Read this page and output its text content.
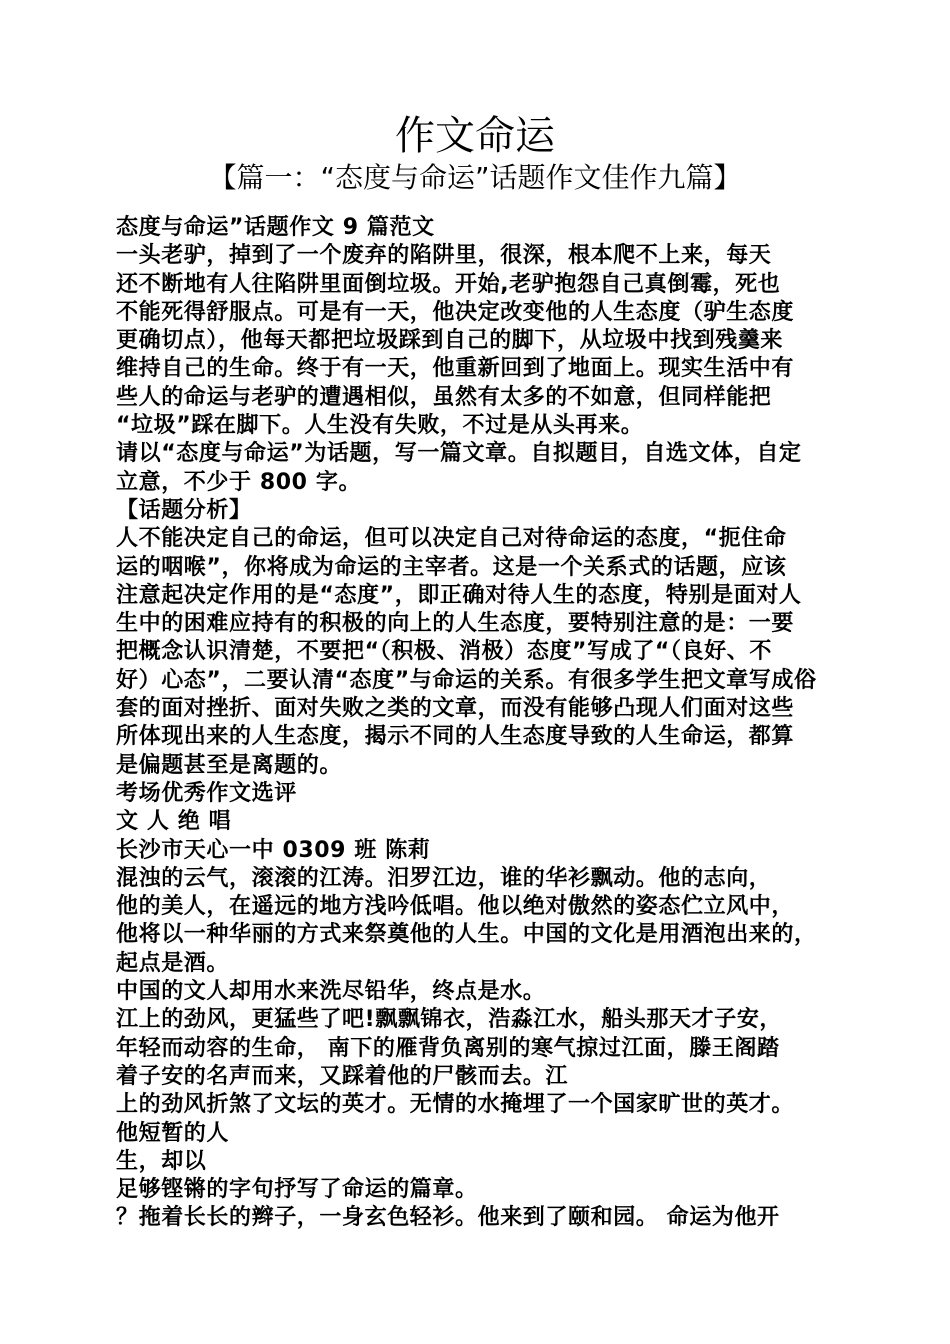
作文命运
【篇一：“态度与命运”话题作文佳作九篇】
态度与命运”话题作文 9 篇范文
一头老驴，掉到了一个废弃的陷阱里，很深，根本爬不上来，每天
还不断地有人往陷阱里面倒垃圾。开始,老驴抱怨自己真倒霉，死也
不能死得舒服点。可是有一天，他决定改变他的人生态度（驴生态度
更确切点），他每天都把垃圾踩到自己的脚下，从垃圾中找到残羹来
维持自己的生命。终于有一天，他重新回到了地面上。现实生活中有
些人的命运与老驴的遭遇相似，虽然有太多的不如意，但同样能把
“垃圾”踩在脚下。人生没有失败，不过是从头再来。
请以“态度与命运”为话题，写一篇文章。自拟题目，自选文体，自定
立意，不少于 800 字。
【话题分析】
人不能决定自己的命运，但可以决定自己对待命运的态度，“扼住命
运的咽喉”，你将成为命运的主宰者。这是一个关系式的话题，应该
注意起决定作用的是“态度”，即正确对待人生的态度，特别是面对人
生中的困难应持有的积极的向上的人生态度，要特别注意的是：一要
把概念认识清楚，不要把“（积极、消极）态度”写成了“（良好、不
好）心态”，二要认清“态度”与命运的关系。有很多学生把文章写成俗
套的面对挫折、面对失败之类的文章，而没有能够凸现人们面对这些
所体现出来的人生态度，揭示不同的人生态度导致的人生命运，都算
是偏题甚至是离题的。
考场优秀作文选评
文 人 绝 唱
长沙市天心一中 0309 班 陈莉
混浊的云气，滚滚的江涛。汨罗江边，谁的华衫飘动。他的志向，
他的美人，在遥远的地方浅吟低唱。他以绝对傲然的姿态伫立风中，
他将以一种华丽的方式来祭奠他的人生。中国的文化是用酒泡出来的，
起点是酒。
中国的文人却用水来洗尽铅华，终点是水。
江上的劲风，更猛些了吧!飘飘锦衣，浩淼江水，船头那天才子安，
年轻而动容的生命， 南下的雁背负离别的寒气掠过江面，滕王阁踏
着子安的名声而来，又踩着他的尸骸而去。江
上的劲风折煞了文坛的英才。无情的水掩埋了一个国家旷世的英才。
他短暂的人
生，却以
足够铿锵的字句抒写了命运的篇章。
？拖着长长的辫子，一身玄色轻衫。他来到了颐和园。 命运为他开
